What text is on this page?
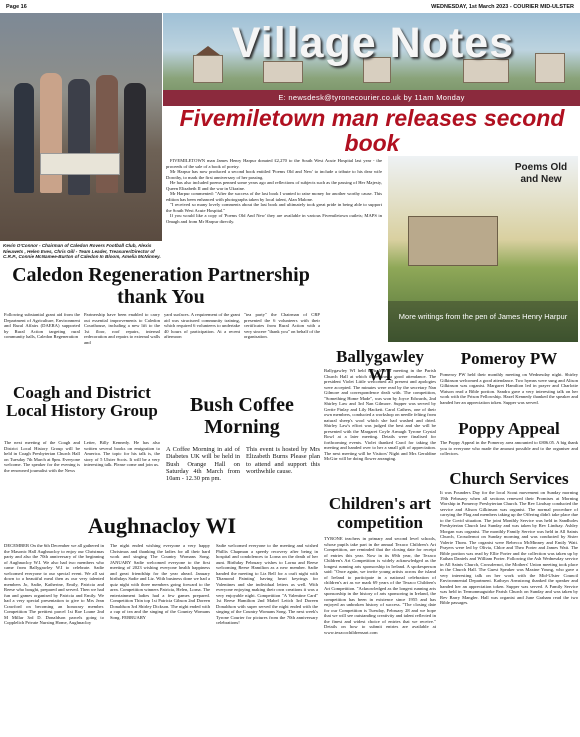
Page 16	WEDNESDAY, 1st March 2023 - COURIER MID-ULSTER
Kevin O'Connor - Chairman of Caledon Rovers Football Club, Alexis Nieuwets , Helen Eves, Chris Gill - Team Leader, Treasurer/Director of C.R.P., Connie McNamee-Burton of Caledon In Bloom, Amelia McNinney.
Village Notes
E: newsdesk@tyronecourier.co.uk by 11am Monday
Fivemiletown man releases second book

FIVEMILETOWN man James Henry Harpur donated £2,270 to the South West Acute Hospital last year - the proceeds of the sale of a book of poetry.

Mr Harpur has now produced a second book entitled 'Poems Old and New' to include a tribute to his dear wife Dorothy, to mark the first anniversary of her passing.

He has also included poems penned some years ago and reflections of subjects such as the passing of Her Majesty, Queen Elizabeth II and the war in Ukraine.

Mr Harpur commented: "After the success of the last book I wanted to raise money for another worthy cause. This edition has been enhanced with photographs taken by local talent, Alan Malone.

"I received so many lovely comments about the last book and ultimately took great pride in being able to support the South West Acute Hospital."

If you would like a copy of 'Poems Old And New' they are available in various Fivemiletown outlets; MAPS in Omagh and from Mr Harpur directly.

Poems Old and New
More writings from the pen of James Henry Harpur
Caledon Regeneration Partnership thank You
Following substantial grant aid from the Department of Agriculture, Environment and Rural Affairs (DAERA) supported by Rural Action targeting rural community halls, Caledon Regeneration
Partnership have been enabled to carry out essential improvements to Caledon Courthouse, including a new lift to the 1st floor, roof repairs, internal redecoration and repairs to external walls and
yard surfaces. A requirement of the grant aid was structured community training, which required 6 volunteers to undertake 40 hours of participation. At a recent afternoon
"tea party" the Chairman of CRP presented the 6 volunteers with their certificates from Rural Action with a very sincere "thank you" on behalf of the organisation.
Coagh and District Local History Group
The next meeting of the Coagh and District Local History Group will be held in Coagh Presbyterian Church Hall on Tuesday 7th March at 8pm. Everyone welcome. The speaker for the evening is the renowned journalist with the News
Letter, Billy Kennedy. He has also written several books on emigration to America. The topic for his talk is, the story of 5 Ulster Scots. It will be a very interesting talk. Please come and join us.
Bush Coffee Morning
A Coffee Morning in aid of Diabetes UK will be held in Bush Orange Hall on Saturday 4th March from 10am - 12.30 pm pm.
This event is hosted by Mrs Elizabeth Burns Please plan to attend and support this worthwhile cause.
Aughnacloy WI
DECEMBER On the 6th December we all gathered in the Masonic Hall Aughnacloy to enjoy our Christmas party and also the 70th anniversary of the beginning of Aughnacloy W.I. We also had two members who came from Ballygawley W.I to celebrate. Sadie welcomed everyone to our special event. We all sat down to a beautiful meal then as our very talented members Jo, Sadie, Katherine, Emily, Patricia and Reese who bought, prepared and served. Then we had fun and games organised by Patricia and Emily. We had a very special presentation to give to Mrs Jean Crawford on becoming an honorary member. Competition The prettiest parcel 1st Rae Loane 2nd M Millar 3rd D. Donaldson parcels going to Copplelich Private Nursing Home, Aughnacloy
The night ended wishing everyone a very happy Christmas and thanking the ladies for all their hard work and singing The Country Womans Song. JANUARY Sadie welcomed everyone to the first meeting of 2023 wishing everyone health happiness and great friendship for the year ahead. January birthdays Sadie and Liz. With business done we had a quiz night with three members going forward to the area. Competition winners Patricia, Helen, Lorna. The entertainment ladies had a few games prepared. Competition Thin top 1st Patricia Gibson 2nd Doreen Donaldson 3rd Shirley Dickson. The night ended with a cup of tea and the singing of the Country Womans Song. FEBRUARY
Sadie welcomed everyone to the meeting and wished Phillis Chapman a speedy recovery after being in hospital and condolences to Lorna on the death of her aunt. Birthday February wishes to Lorna and Reese welcoming Reese Hamilton as a new member. Sadie handed the meeting to Liz Bell for a craft night with 'Diamond Painting' having heart keyrings for Valentines and she individual letters as well. With everyone enjoying making their own creations it was a very enjoyable night. Competition "A Valentine Card" 1st Reese Hamilton 2nd Mabel Leitch 3rd Doreen Donaldson with super served the night ended with the singing of the Country Womans Song. The next week's Tyrone Courier for pictures from the 70th anniversary celebrations!
Ballygawley WI
Ballygawley WI held their March meeting in the Parish Church Hall at which there was a good attendance. The president Violet Little welcomed all present and apologies were accepted. The minutes were read by the secretary Nan Gilmore and correspondence dealt with. The competition, "Something Home Made", was won by Joyce Edwards, 2nd Shirley Law and 3rd Nan Gilmore. Supper was served by Gertie Finlay and Lily Hackett. Carol Cathers, one of their own members, conducted a workshop on needle felting from natural sheep's wool which she had washed and dried. Shirley Law's effort was judged the best and she will be presented with the Margaret Coyle Armagh Tyrone Crystal Bowl at a later meeting. Details were finalised for forthcoming events. Violet thanked Carol for taking the meeting and handed over to her a small gift of appreciation. The next meeting will be Visitors' Night and Mrs Geraldine McGirr will be doing flower arranging.
Children's art competition
TYRONE teachers in primary and second level schools, whose pupils take part in the annual Texaco Children's Art Competition, are reminded that the closing date for receipt of entries this year. Now in its 69th year, the Texaco Children's Art Competition is widely acknowledged as the longest running arts sponsorship in Ireland. A spokesperson said: "Once again, we invite young artists across the island of Ireland to participate in a national celebration of children's art as we mark 69 years of the Texaco Children's Art Competition. "Acknowledged as the longest running arts sponsorship in the history of arts sponsoring in Ireland, the competition has been in existence since 1955 and has enjoyed an unbroken history of success. "The closing date for our Competition is Tuesday, February 28 and we hope that we will see outstanding creativity and talent reflected in the finest and widest choice of entries that we receive." Details on how to submit entries are available at www.texacochildrensart.com
Pomeroy PW
Pomeroy PW held their monthly meeting on Wednesday night. Shirley Gilkinson welcomed a good attendance. Two hymns were sung and Alison Gilkinson was organist. Margaret Hamilton led in prayer and Charlotte Watson read a Bible portion. Sandra gave a very interesting talk on her work with the Prison Fellowship. Hazel Kennedy thanked the speaker and handed her an appreciation token. Supper was served.
Poppy Appeal
The Poppy Appeal in the Pomeroy area amounted to £806.05. A big thank you to everyone who made the amount possible and to the organiser and collectors.
Church Services
It was Founders Day for the local Scout movement on Sunday morning 19th February when all sections renewed their Promises at Morning Worship in Pomeroy Presbyterian Church. The Rev Lindsay conducted the service and Alison Gilkinson was organist. The normal procedure of carrying the Flag and members taking up the Offering didn't take place due to the Covid situation. The joint Monthly Service was held in Sandholes Presbyterian Church last Sunday and was taken by Rev Lindsay. Ashley Morgan was organist. The monthly Family Service was held in All Saints Church, Crossdernot on Sunday morning and was conducted by Sister Valerie Thom. The organist were Rebecca McMinney and Emily Watt. Prayers were led by Olivia, Chloe and Theo Porter and James Watt. The Bible portion was read by Ellie Porter and the collection was taken up by Eathan Daniels and William Porter. Following the Ash Wednesday service in All Saints Church, Crossdernot, the Mothers' Union meeting took place in the Church Hall. The Guest Speaker was Maxine Young, who gave a very interesting talk on her work with the Mid-Ulster Council Environmental Department. Kathryn Armstrong thanked the speaker and handed her an appreciation token. Supper was served. A Family Service was held in Termonmaguirke Parish Church on Sunday and was taken by Rev Barry Mangler. Hall was organist and June Graham read the two Bible passages.
